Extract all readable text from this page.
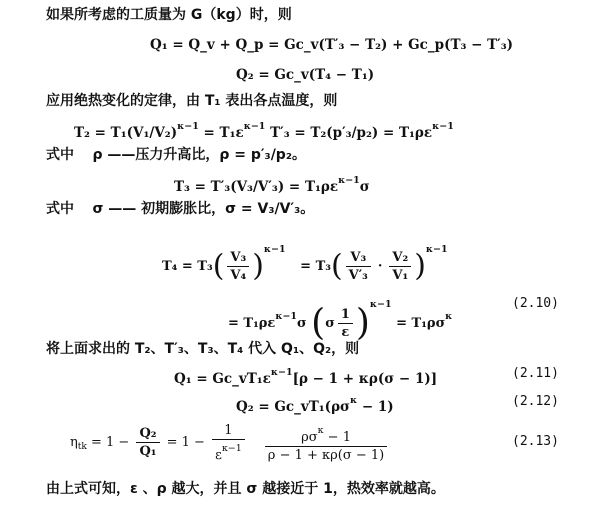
如果所考虑的工质量为 G（kg）时，则
Q₁ = Q_v + Q_p = Gc_v(T′₃ − T₂) + Gc_p(T₃ − T′₃)
Q₂ = Gc_v(T₄ − T₁)
应用绝热变化的定律，由 T₁ 表出各点温度，则
$T_2 = T_1(V_1/V_2)^{\kappa-1} = T_1\varepsilon^{\kappa-1}$ $T'_3 = T_2(p'_3/p_2) = T_1\rho\varepsilon^{\kappa-1}$
式中 ρ ——压力升高比，ρ = p′₃/p₂。
$T_3 = T'_3(V_3/V'_3) = T_1\rho\varepsilon^{\kappa-1}\sigma$
式中 σ —— 初期膨胀比，σ = V₃/V′₃。
$T_4 = T_3( \frac{\text{V₃}}{\text{V₄}} )^{\kappa-1} = T_3( \frac{\text{V₃}}{\text{V′₃}} \cdot \frac{\text{V₂}}{\text{V₁}} )^{\kappa-1}$
= $T_1\rho\varepsilon^{\kappa-1}\sigma$ $(\sigma \frac{1}{\varepsilon} )^{\kappa-1} = T_1\rho\sigma^\kappa$
(2.10)
将上面求出的 T₂、T′₃、T₃、T₄ 代入 Q₁、Q₂，则
$Q_1 = Gc\_vT_1\varepsilon^{\kappa-1}[\rho - 1 + \kappa\rho(\sigma - 1)]$	(2.11)
$Q_2 = Gc\_vT_1(\rho\sigma^\kappa - 1)$	(2.12)
$\eta_{tk} = 1 - \frac{\text{Q₂}}{\text{Q₁}} = 1 - \frac{1}{\varepsilon^{\kappa-1}} \frac{\rho\sigma^\kappa - 1}{\rho - 1 + \kappa\rho(\sigma - 1)}$	(2.13)
由上式可知，ε 、ρ 越大，并且 σ 越接近于 1，热效率就越高。
